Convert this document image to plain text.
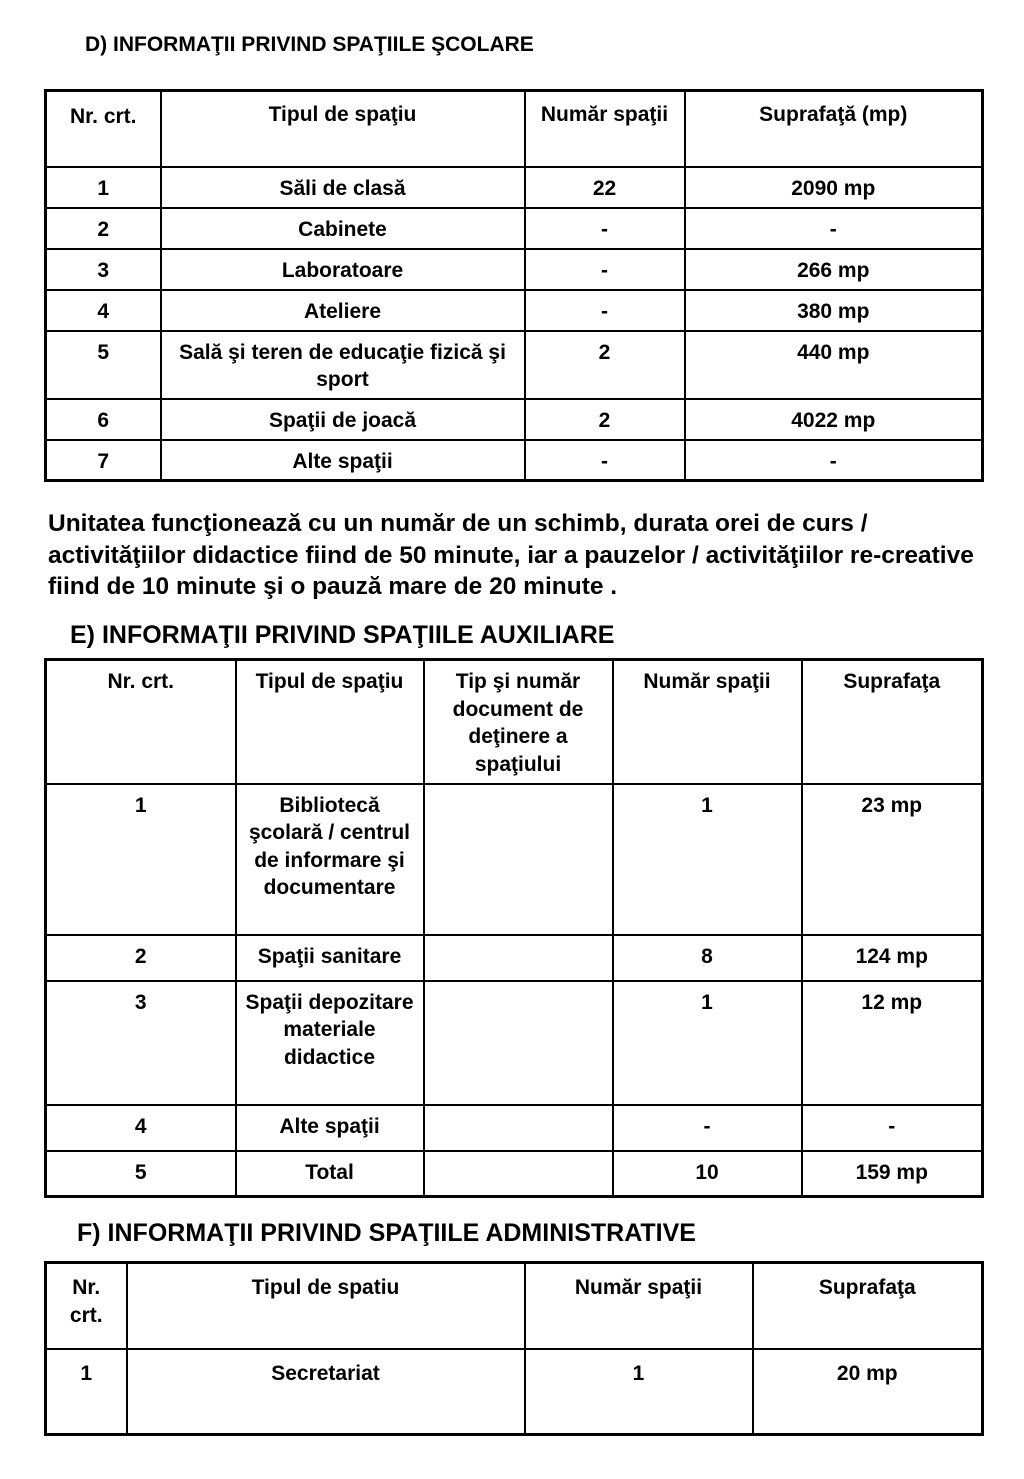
D) INFORMAŢII PRIVIND SPAŢIILE ŞCOLARE
Nr. crt.	Tipul de spaţiu	Număr spaţii	Suprafaţă (mp)
1	Săli de clasă	22	2090 mp
2	Cabinete	-	-
3	Laboratoare	-	266 mp
4	Ateliere	-	380 mp
5	Sală şi teren de educaţie fizică şi sport	2	440 mp
6	Spaţii de joacă	2	4022 mp
7	Alte spaţii	-	-

Unitatea funcţionează cu un număr de un schimb, durata orei de curs / activităţiilor didactice fiind de 50 minute, iar a pauzelor / activităţiilor re-creative fiind de 10 minute şi o pauză mare de 20 minute .

E) INFORMAŢII PRIVIND SPAŢIILE AUXILIARE
Nr. crt.	Tipul de spaţiu	Tip şi număr document de deţinere a spaţiului	Număr spaţii	Suprafaţa
1	Bibliotecă şcolară / centrul de informare şi documentare		1	23 mp
2	Spaţii sanitare		8	124 mp
3	Spaţii depozitare materiale didactice		1	12 mp
4	Alte spaţii		-	-
5	Total		10	159 mp
F) INFORMAŢII PRIVIND SPAŢIILE ADMINISTRATIVE
Nr. crt.	Tipul de spatiu	Număr spaţii	Suprafaţa
1	Secretariat	1	20 mp
